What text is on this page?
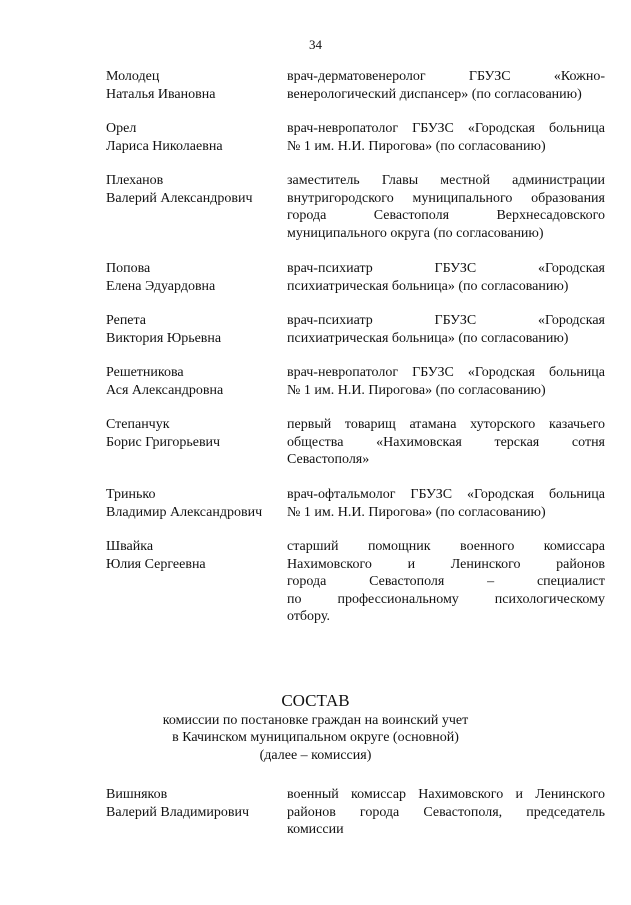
34
Молодец
Наталья Ивановна
врач-дерматовенеролог ГБУЗС «Кожно-
венерологический диспансер» (по согласованию)
Орел
Лариса Николаевна
врач-невропатолог ГБУЗС «Городская больница
№ 1 им. Н.И. Пирогова» (по согласованию)
Плеханов
Валерий Александрович
заместитель Главы местной администрации
внутригородского муниципального образования
города Севастополя Верхнесадовского
муниципального округа (по согласованию)
Попова
Елена Эдуардовна
врач-психиатр ГБУЗС «Городская
психиатрическая больница» (по согласованию)
Репета
Виктория Юрьевна
врач-психиатр ГБУЗС «Городская
психиатрическая больница» (по согласованию)
Решетникова
Ася Александровна
врач-невропатолог ГБУЗС «Городская больница
№ 1 им. Н.И. Пирогова» (по согласованию)
Степанчук
Борис Григорьевич
первый товарищ атамана хуторского казачьего
общества «Нахимовская терская сотня
Севастополя»
Тринько
Владимир Александрович
врач-офтальмолог ГБУЗС «Городская больница
№ 1 им. Н.И. Пирогова» (по согласованию)
Швайка
Юлия Сергеевна
старший помощник военного комиссара
Нахимовского и Ленинского районов
города Севастополя – специалист
по профессиональному психологическому
отбору.
СОСТАВ
комиссии по постановке граждан на воинский учет
в Качинском муниципальном округе (основной)
(далее – комиссия)
Вишняков
Валерий Владимирович
военный комиссар Нахимовского и Ленинского
районов города Севастополя, председатель
комиссии
